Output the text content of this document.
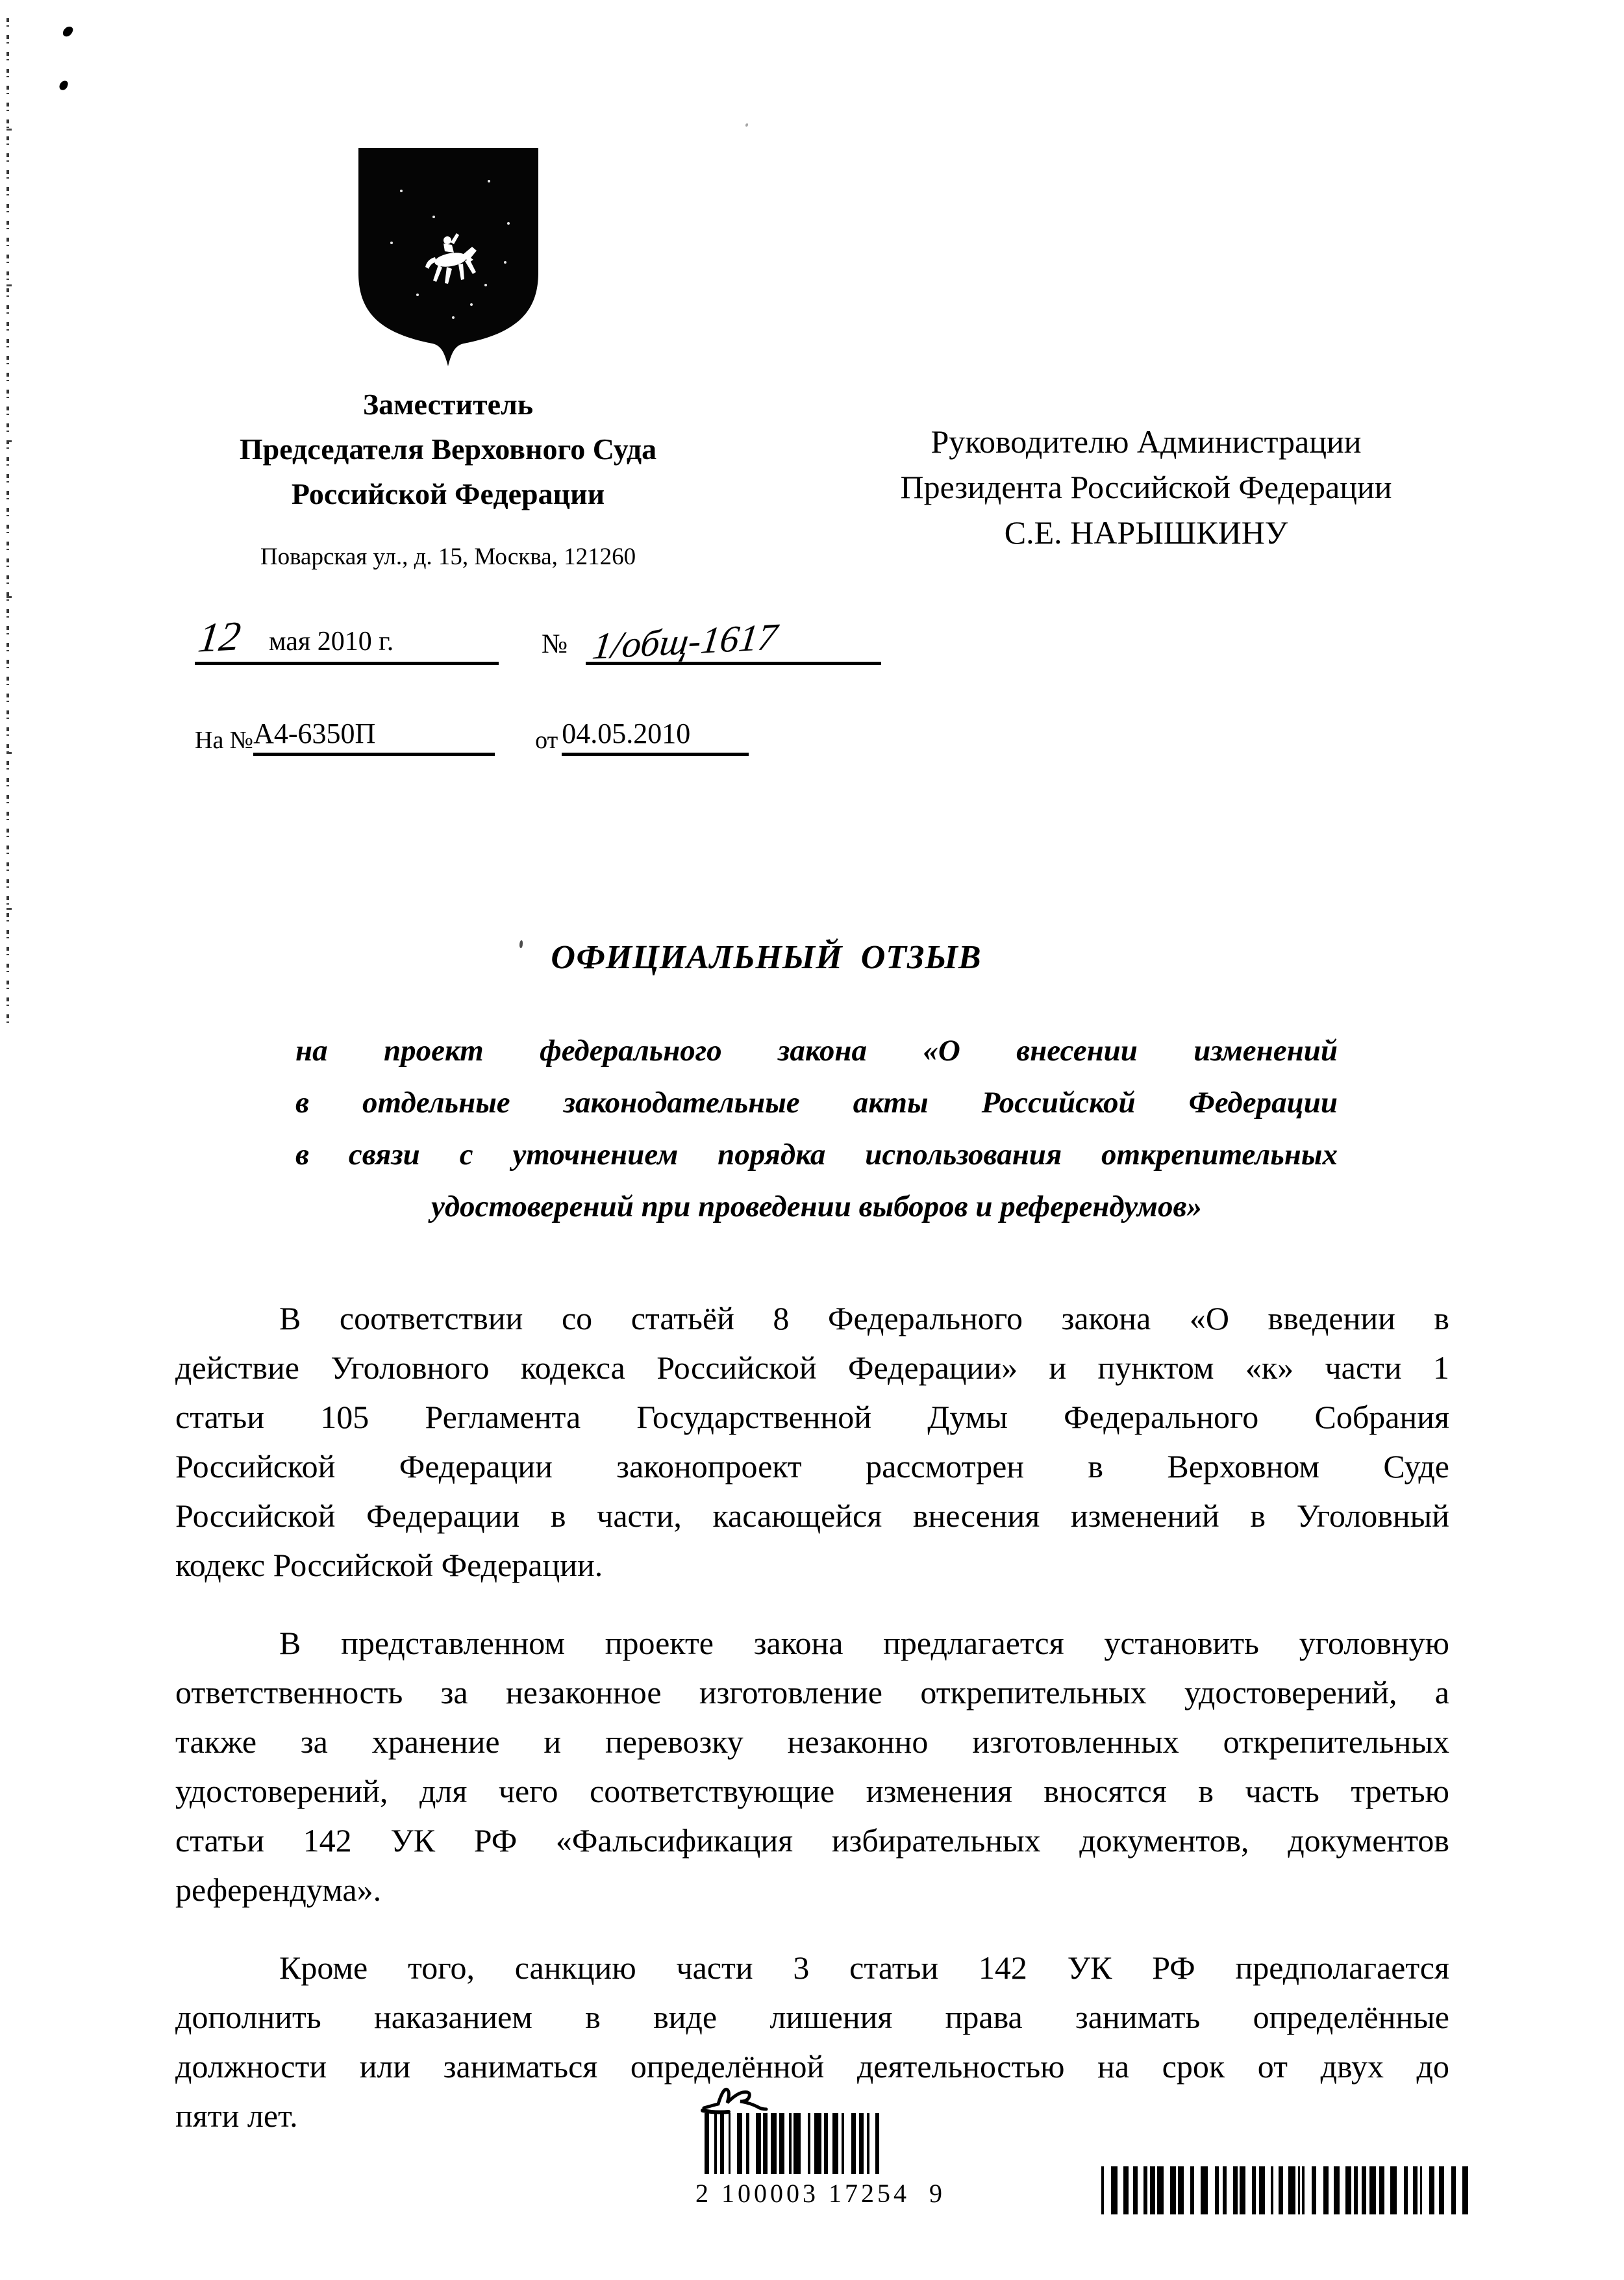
Заместитель
Председателя Верховного Суда
Российской Федерации
Поварская ул., д. 15, Москва, 121260
Руководителю Администрации
Президента Российской Федерации
С.Е. НАРЫШКИНУ
12 мая 2010 г.	№ 1/общ-1617
На № А4-6350П	от 04.05.2010
ОФИЦИАЛЬНЫЙ ОТЗЫВ
на проект федерального закона «О внесении изменений
в отдельные законодательные акты Российской Федерации
в связи с уточнением порядка использования открепительных
удостоверений при проведении выборов и референдумов»
В соответствии со статьёй 8 Федерального закона «О введении в
действие Уголовного кодекса Российской Федерации» и пунктом «к» части 1
статьи 105 Регламента Государственной Думы Федерального Собрания
Российской Федерации законопроект рассмотрен в Верховном Суде
Российской Федерации в части, касающейся внесения изменений в Уголовный
кодекс Российской Федерации.
В представленном проекте закона предлагается установить уголовную
ответственность за незаконное изготовление открепительных удостоверений, а
также за хранение и перевозку незаконно изготовленных открепительных
удостоверений, для чего соответствующие изменения вносятся в часть третью
статьи 142 УК РФ «Фальсификация избирательных документов, документов
референдума».
Кроме того, санкцию части 3 статьи 142 УК РФ предполагается
дополнить наказанием в виде лишения права занимать определённые
должности или заниматься определённой деятельностью на срок от двух до
пяти лет.
2 100003 17254  9
